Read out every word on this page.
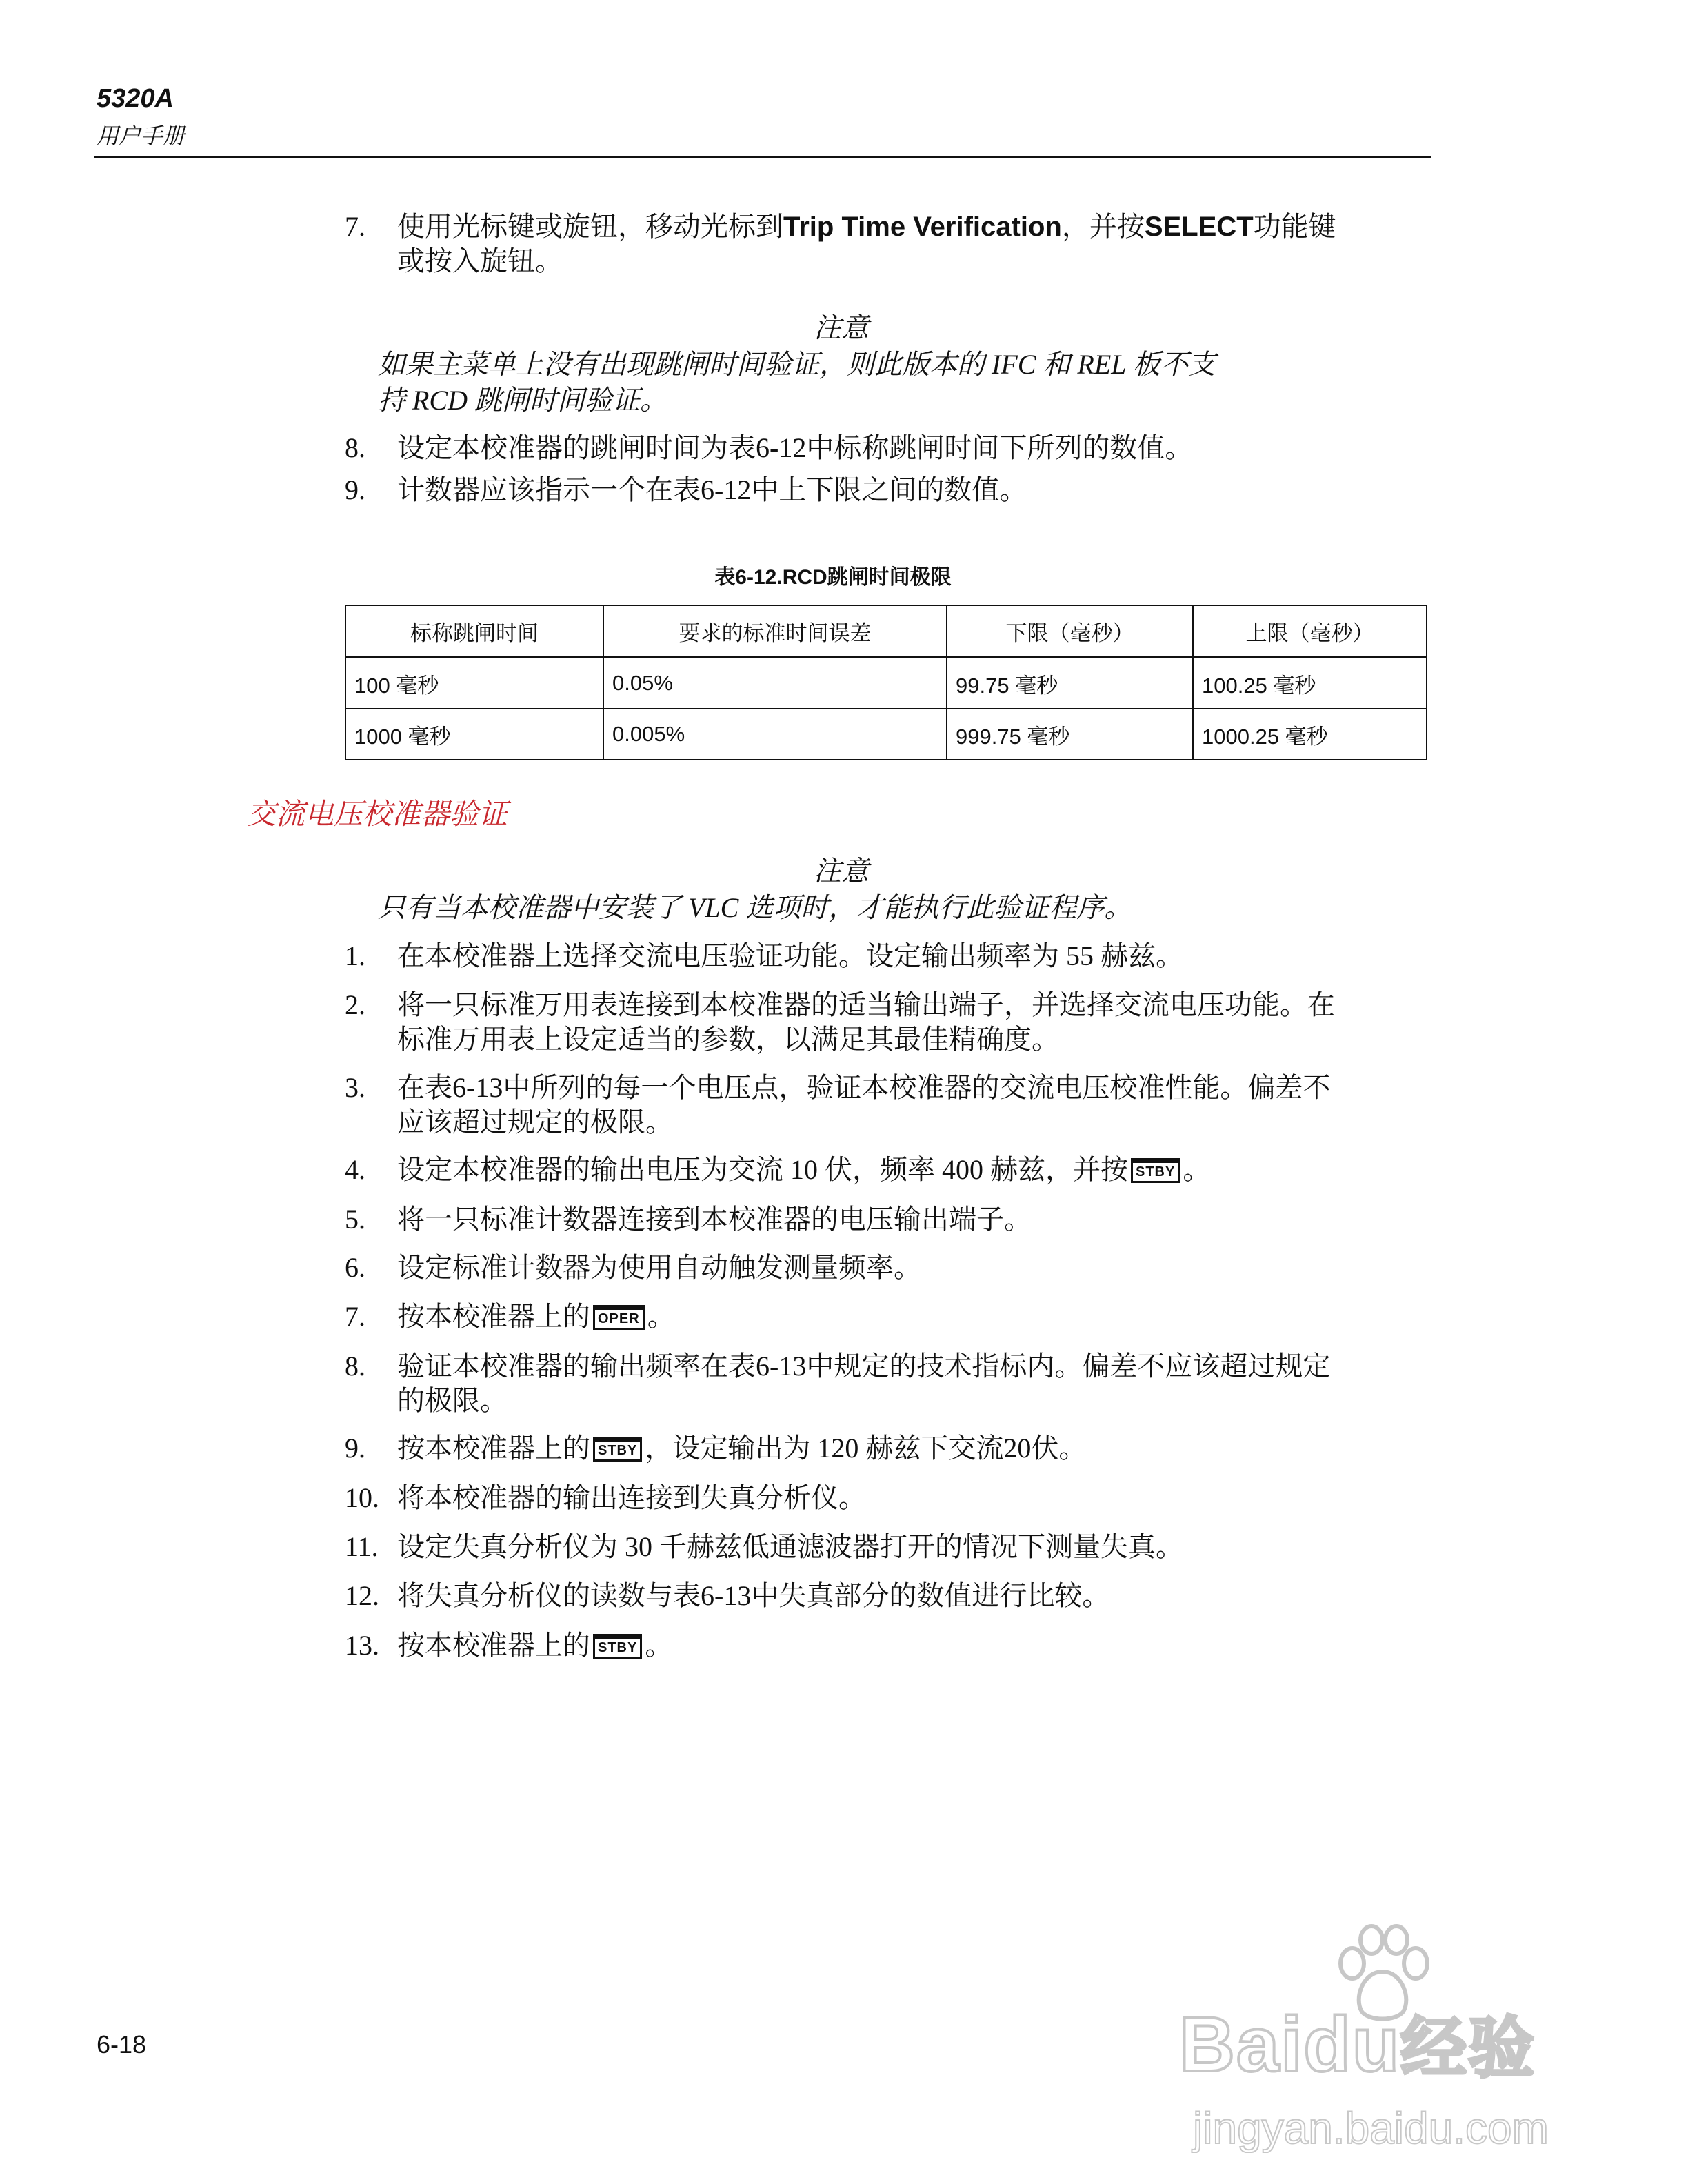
5320A
用户手册
7.	使用光标键或旋钮，移动光标到Trip Time Verification，并按SELECT功能键
或按入旋钮。
注意
如果主菜单上没有出现跳闸时间验证，则此版本的 IFC 和 REL 板不支
持 RCD 跳闸时间验证。
8.	设定本校准器的跳闸时间为表6-12中标称跳闸时间下所列的数值。
9.	计数器应该指示一个在表6-12中上下限之间的数值。
表6-12.RCD跳闸时间极限
标称跳闸时间	要求的标准时间误差	下限（毫秒）	上限（毫秒）
100 毫秒	0.05%	99.75 毫秒	100.25 毫秒
1000 毫秒	0.005%	999.75 毫秒	1000.25 毫秒
交流电压校准器验证
注意
只有当本校准器中安装了 VLC 选项时，才能执行此验证程序。
1.	在本校准器上选择交流电压验证功能。设定输出频率为 55 赫兹。
2.	将一只标准万用表连接到本校准器的适当输出端子，并选择交流电压功能。在
标准万用表上设定适当的参数，以满足其最佳精确度。
3.	在表6-13中所列的每一个电压点，验证本校准器的交流电压校准性能。偏差不
应该超过规定的极限。
4.	设定本校准器的输出电压为交流 10 伏，频率 400 赫兹，并按 STBY 。
5.	将一只标准计数器连接到本校准器的电压输出端子。
6.	设定标准计数器为使用自动触发测量频率。
7.	按本校准器上的 OPER 。
8.	验证本校准器的输出频率在表6-13中规定的技术指标内。偏差不应该超过规定
的极限。
9.	按本校准器上的 STBY ，设定输出为 120 赫兹下交流20伏。
10. 将本校准器的输出连接到失真分析仪。
11. 设定失真分析仪为 30 千赫兹低通滤波器打开的情况下测量失真。
12. 将失真分析仪的读数与表6-13中失真部分的数值进行比较。
13. 按本校准器上的 STBY 。
6-18	Baidu经验
jingyan.baidu.com
